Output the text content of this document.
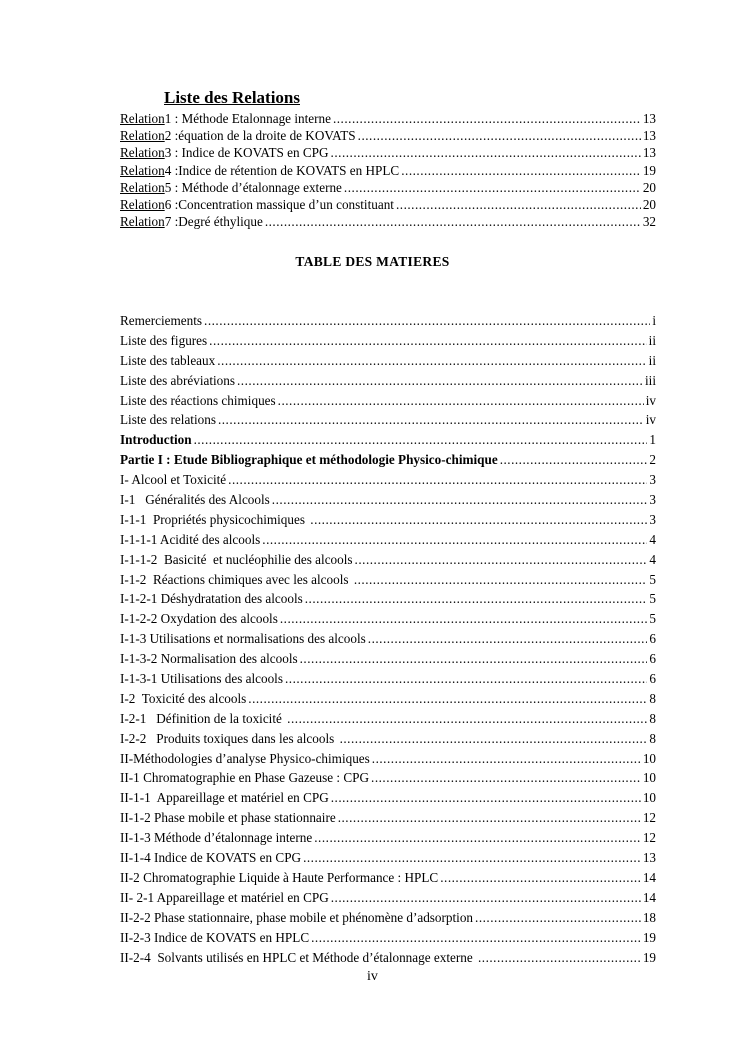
Liste des Relations
Relation 1 : Méthode Etalonnage interne .....	13
Relation 2 :équation de la droite de KOVATS .....	13
Relation 3 : Indice de KOVATS en CPG .....	13
Relation 4 :Indice de rétention de KOVATS en HPLC .....	19
Relation 5 : Méthode d’étalonnage externe .....	20
Relation 6 :Concentration massique d’un constituant .....	20
Relation 7 :Degré éthylique .....	32
TABLE DES MATIERES
Remerciements .....	i
Liste des figures .....	ii
Liste des tableaux .....	ii
Liste des abréviations .....	iii
Liste des réactions chimiques .....	iv
Liste des relations .....	iv
Introduction .....	1
Partie I : Etude Bibliographique et méthodologie Physico-chimique .....	2
I- Alcool et Toxicité .....	3
I-1   Généralités des Alcools .....	3
I-1-1  Propriétés physicochimiques .....	3
I-1-1-1 Acidité des alcools .....	4
I-1-1-2  Basicité  et nucléophilie des alcools .....	4
I-1-2  Réactions chimiques avec les alcools .....	5
I-1-2-1 Déshydratation des alcools .....	5
I-1-2-2 Oxydation des alcools .....	5
I-1-3 Utilisations et normalisations des alcools .....	6
I-1-3-2 Normalisation des alcools .....	6
I-1-3-1 Utilisations des alcools .....	6
I-2  Toxicité des alcools .....	8
I-2-1   Définition de la toxicité .....	8
I-2-2   Produits toxiques dans les alcools .....	8
II-Méthodologies d’analyse Physico-chimiques .....	10
II-1 Chromatographie en Phase Gazeuse : CPG .....	10
II-1-1  Appareillage et matériel en CPG .....	10
II-1-2 Phase mobile et phase stationnaire .....	12
II-1-3 Méthode d’étalonnage interne .....	12
II-1-4 Indice de KOVATS en CPG .....	13
II-2 Chromatographie Liquide à Haute Performance : HPLC .....	14
II- 2-1 Appareillage et matériel en CPG .....	14
II-2-2 Phase stationnaire, phase mobile et phénomène d’adsorption .....	18
II-2-3 Indice de KOVATS en HPLC .....	19
II-2-4  Solvants utilisés en HPLC et Méthode d’étalonnage externe .....	19
iv
